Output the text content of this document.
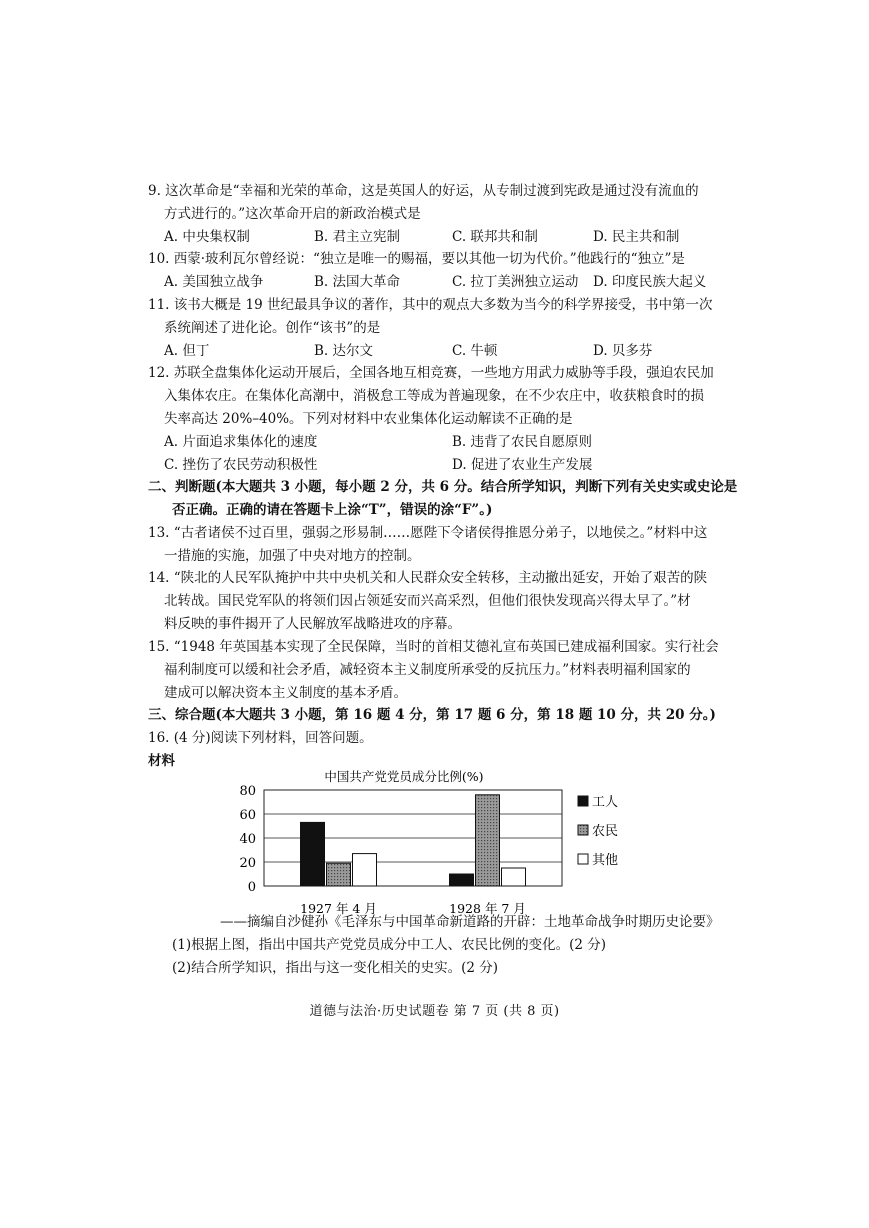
9. 这次革命是“幸福和光荣的革命，这是英国人的好运，从专制过渡到宪政是通过没有流血的
方式进行的。”这次革命开启的新政治模式是
A. 中央集权制	B. 君主立宪制	C. 联邦共和制	D. 民主共和制
10. 西蒙·玻利瓦尔曾经说：“独立是唯一的赐福，要以其他一切为代价。”他践行的“独立”是
A. 美国独立战争	B. 法国大革命	C. 拉丁美洲独立运动 D. 印度民族大起义
11. 该书大概是 19 世纪最具争议的著作，其中的观点大多数为当今的科学界接受，书中第一次
系统阐述了进化论。创作“该书”的是
A. 但丁	B. 达尔文	C. 牛顿	D. 贝多芬
12. 苏联全盘集体化运动开展后，全国各地互相竞赛，一些地方用武力威胁等手段，强迫农民加
入集体农庄。在集体化高潮中，消极怠工等成为普遍现象，在不少农庄中，收获粮食时的损
失率高达 20%–40%。下列对材料中农业集体化运动解读不正确的是
A. 片面追求集体化的速度	B. 违背了农民自愿原则
C. 挫伤了农民劳动积极性	D. 促进了农业生产发展
二、判断题(本大题共 3 小题，每小题 2 分，共 6 分。结合所学知识，判断下列有关史实或史论是
否正确。正确的请在答题卡上涂“T”，错误的涂“F”。)
13. “古者诸侯不过百里，强弱之形易制……愿陛下令诸侯得推恩分弟子，以地侯之。”材料中这
一措施的实施，加强了中央对地方的控制。
14. “陕北的人民军队掩护中共中央机关和人民群众安全转移，主动撤出延安，开始了艰苦的陕
北转战。国民党军队的将领们因占领延安而兴高采烈，但他们很快发现高兴得太早了。”材
料反映的事件揭开了人民解放军战略进攻的序幕。
15. “1948 年英国基本实现了全民保障，当时的首相艾德礼宣布英国已建成福利国家。实行社会
福利制度可以缓和社会矛盾，减轻资本主义制度所承受的反抗压力。”材料表明福利国家的
建成可以解决资本主义制度的基本矛盾。
三、综合题(本大题共 3 小题，第 16 题 4 分，第 17 题 6 分，第 18 题 10 分，共 20 分。)
16. (4 分)阅读下列材料，回答问题。
材料
中国共产党党员成分比例(%)
0
20
40
60
80
1927 年 4 月	1928 年 7 月
工人
农民
其他
——摘编自沙健孙《毛泽东与中国革命新道路的开辟：土地革命战争时期历史论要》
(1)根据上图，指出中国共产党党员成分中工人、农民比例的变化。(2 分)
(2)结合所学知识，指出与这一变化相关的史实。(2 分)
道德与法治·历史试题卷 第 7 页 (共 8 页)
